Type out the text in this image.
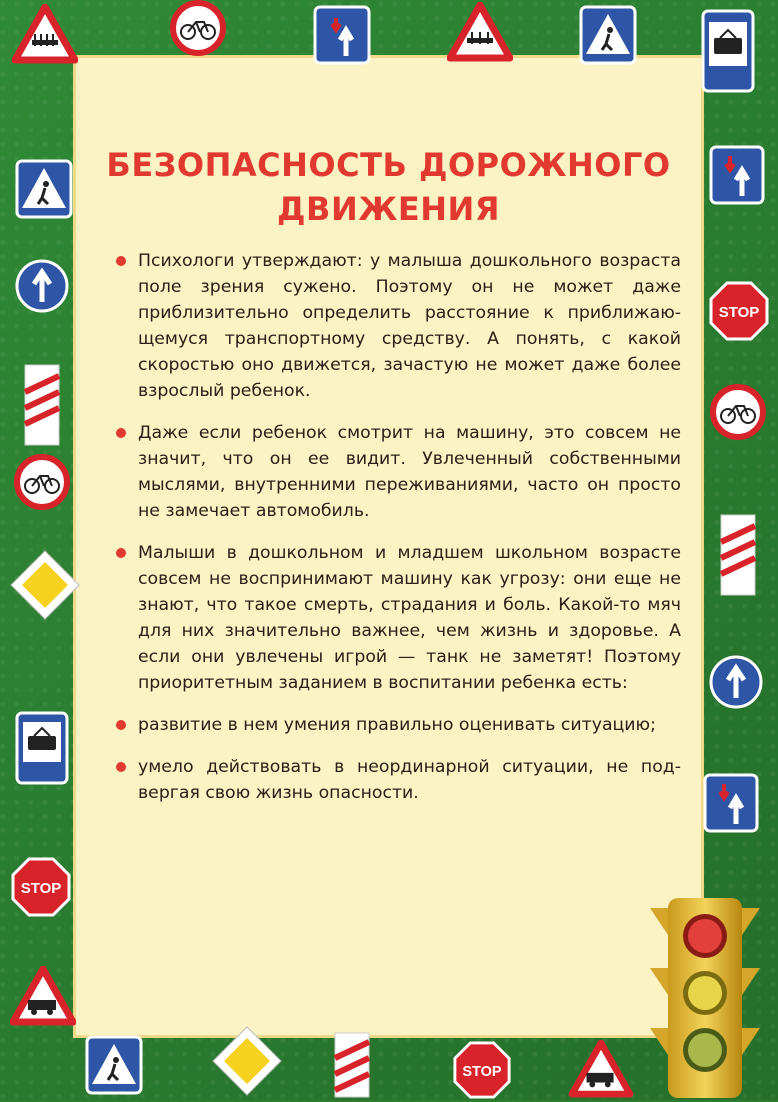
БЕЗОПАСНОСТЬ ДОРОЖНОГО
ДВИЖЕНИЯ

Психологи утверждают: у малыша дошкольного возраста поле зрения сужено. Поэтому он не может даже приблизительно определить расстояние к приближающемуся транспортному средству. А понять, с какой скоростью оно движется, зачастую не может даже более взрослый ребенок.

Даже если ребенок смотрит на машину, это совсем не значит, что он ее видит. Увлеченный собственными мыслями, внутренними переживаниями, часто он просто не замечает автомобиль.

Малыши в дошкольном и младшем школьном возрасте совсем не воспринимают машину как угрозу: они еще не знают, что такое смерть, страдания и боль. Какой-то мяч для них значительно важнее, чем жизнь и здоровье. А если они увлечены игрой — танк не заметят! Поэтому приоритетным заданием в воспитании ребенка есть:

развитие в нем умения правильно оценивать ситуацию;

умело действовать в неординарной ситуации, не подвергая свою жизнь опасности.

STOP
STOP
STOP
